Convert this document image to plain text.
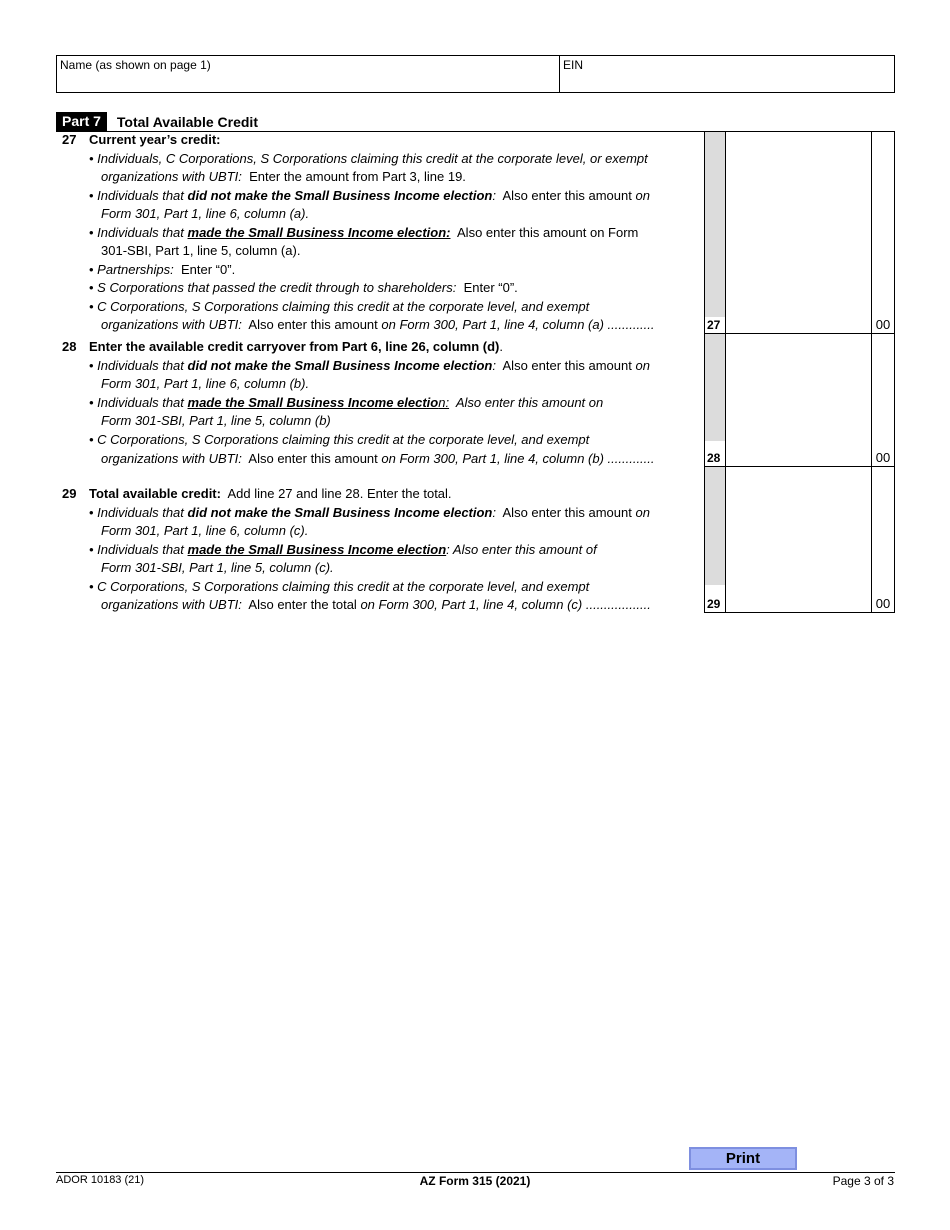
Name (as shown on page 1)	EIN
Part 7	Total Available Credit
27 Current year’s credit:
• Individuals, C Corporations, S Corporations claiming this credit at the corporate level, or exempt
organizations with UBTI: Enter the amount from Part 3, line 19.
• Individuals that did not make the Small Business Income election: Also enter this amount on
Form 301, Part 1, line 6, column (a).
• Individuals that made the Small Business Income election: Also enter this amount on Form
301-SBI, Part 1, line 5, column (a).
• Partnerships: Enter “0”.
• S Corporations that passed the credit through to shareholders: Enter “0”.
• C Corporations, S Corporations claiming this credit at the corporate level, and exempt
organizations with UBTI: Also enter this amount on Form 300, Part 1, line 4, column (a) .............	27	00
28 Enter the available credit carryover from Part 6, line 26, column (d).
• Individuals that did not make the Small Business Income election: Also enter this amount on
Form 301, Part 1, line 6, column (b).
• Individuals that made the Small Business Income election: Also enter this amount on
Form 301-SBI, Part 1, line 5, column (b)
• C Corporations, S Corporations claiming this credit at the corporate level, and exempt
organizations with UBTI: Also enter this amount on Form 300, Part 1, line 4, column (b) .............	28	00
29 Total available credit: Add line 27 and line 28. Enter the total.
• Individuals that did not make the Small Business Income election: Also enter this amount on
Form 301, Part 1, line 6, column (c).
• Individuals that made the Small Business Income election: Also enter this amount of
Form 301-SBI, Part 1, line 5, column (c).
• C Corporations, S Corporations claiming this credit at the corporate level, and exempt
organizations with UBTI: Also enter the total on Form 300, Part 1, line 4, column (c) ..................	29	00
Print
ADOR 10183 (21)	AZ Form 315 (2021)	Page 3 of 3
